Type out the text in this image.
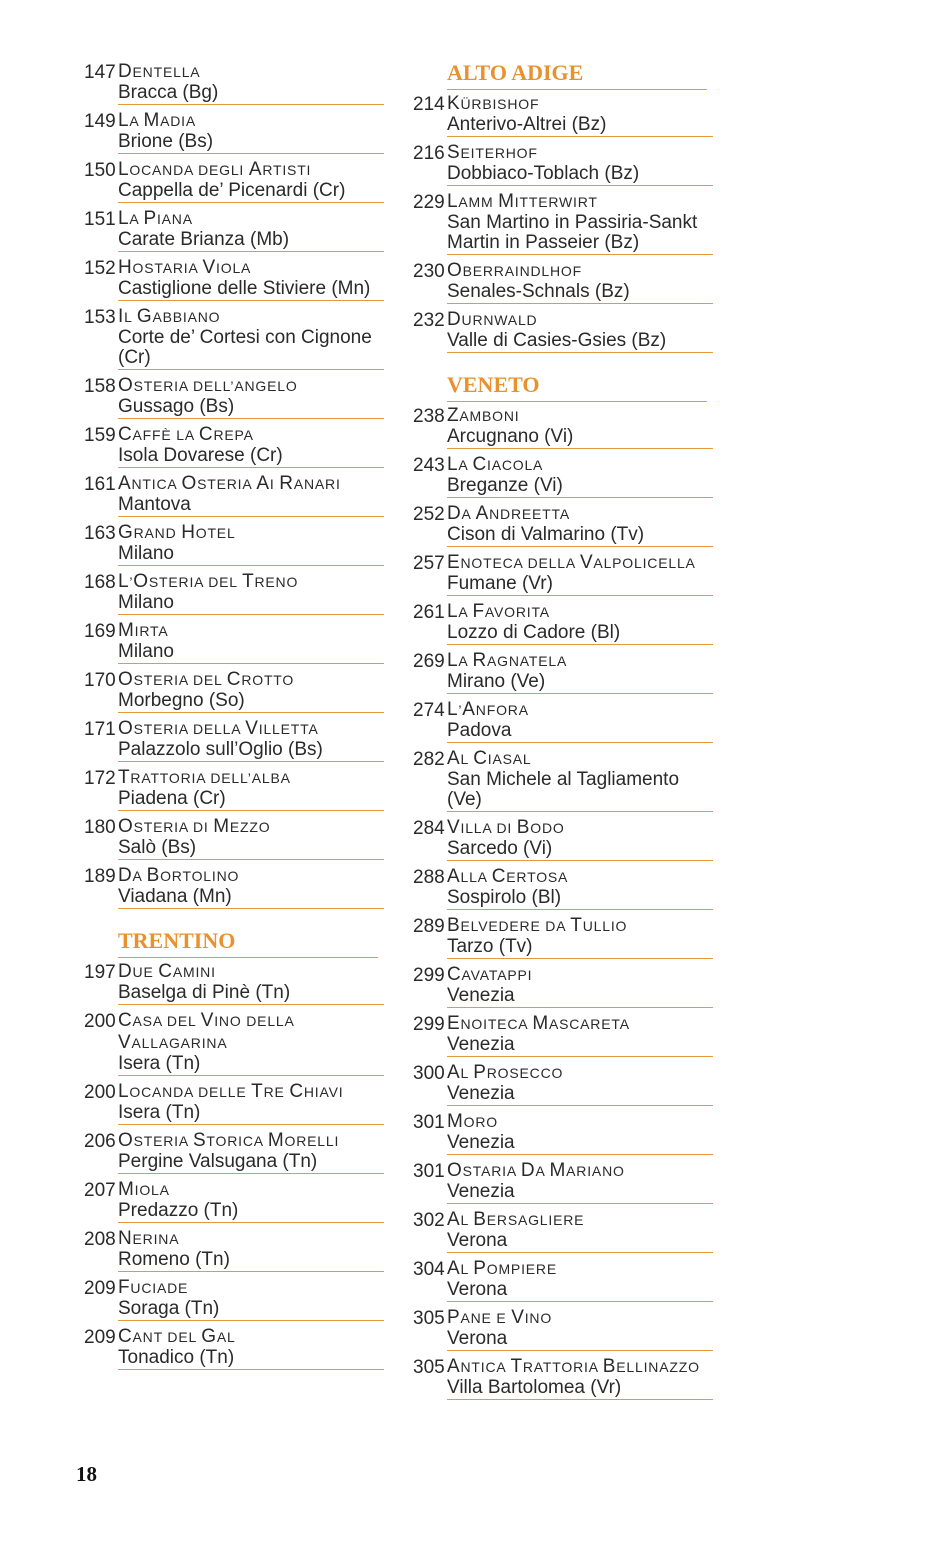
147 DENTELLA
Bracca (Bg)
149 LA MADIA
Brione (Bs)
150 LOCANDA DEGLI ARTISTI
Cappella de’ Picenardi (Cr)
151 LA PIANA
Carate Brianza (Mb)
152 HOSTARIA VIOLA
Castiglione delle Stiviere (Mn)
153 IL GABBIANO
Corte de’ Cortesi con Cignone (Cr)
158 OSTERIA DELL’ANGELO
Gussago (Bs)
159 CAFFÈ LA CREPA
Isola Dovarese (Cr)
161 ANTICA OSTERIA AI RANARI
Mantova
163 GRAND HOTEL
Milano
168 L’OSTERIA DEL TRENO
Milano
169 MIRTA
Milano
170 OSTERIA DEL CROTTO
Morbegno (So)
171 OSTERIA DELLA VILLETTA
Palazzolo sull’Oglio (Bs)
172 TRATTORIA DELL’ALBA
Piadena (Cr)
180 OSTERIA DI MEZZO
Salò (Bs)
189 DA BORTOLINO
Viadana (Mn)
TRENTINO
197 DUE CAMINI
Baselga di Pinè (Tn)
200 CASA DEL VINO DELLA VALLAGARINA
Isera (Tn)
200 LOCANDA DELLE TRE CHIAVI
Isera (Tn)
206 OSTERIA STORICA MORELLI
Pergine Valsugana (Tn)
207 MIOLA
Predazzo (Tn)
208 NERINA
Romeno (Tn)
209 FUCIADE
Soraga (Tn)
209 CANT DEL GAL
Tonadico (Tn)
ALTO ADIGE
214 KÜRBISHOF
Anterivo-Altrei (Bz)
216 SEITERHOF
Dobbiaco-Toblach (Bz)
229 LAMM MITTERWIRT
San Martino in Passiria-Sankt Martin in Passeier (Bz)
230 OBERRAINDLHOF
Senales-Schnals (Bz)
232 DURNWALD
Valle di Casies-Gsies (Bz)
VENETO
238 ZAMBONI
Arcugnano (Vi)
243 LA CIACOLA
Breganze (Vi)
252 DA ANDREETTA
Cison di Valmarino (Tv)
257 ENOTECA DELLA VALPOLICELLA
Fumane (Vr)
261 LA FAVORITA
Lozzo di Cadore (Bl)
269 LA RAGNATELA
Mirano (Ve)
274 L’ANFORA
Padova
282 AL CIASAL
San Michele al Tagliamento (Ve)
284 VILLA DI BODO
Sarcedo (Vi)
288 ALLA CERTOSA
Sospirolo (Bl)
289 BELVEDERE DA TULLIO
Tarzo (Tv)
299 CAVATAPPI
Venezia
299 ENOITECA MASCARETA
Venezia
300 AL PROSECCO
Venezia
301 MORO
Venezia
301 OSTARIA DA MARIANO
Venezia
302 AL BERSAGLIERE
Verona
304 AL POMPIERE
Verona
305 PANE E VINO
Verona
305 ANTICA TRATTORIA BELLINAZZO
Villa Bartolomea (Vr)
18
